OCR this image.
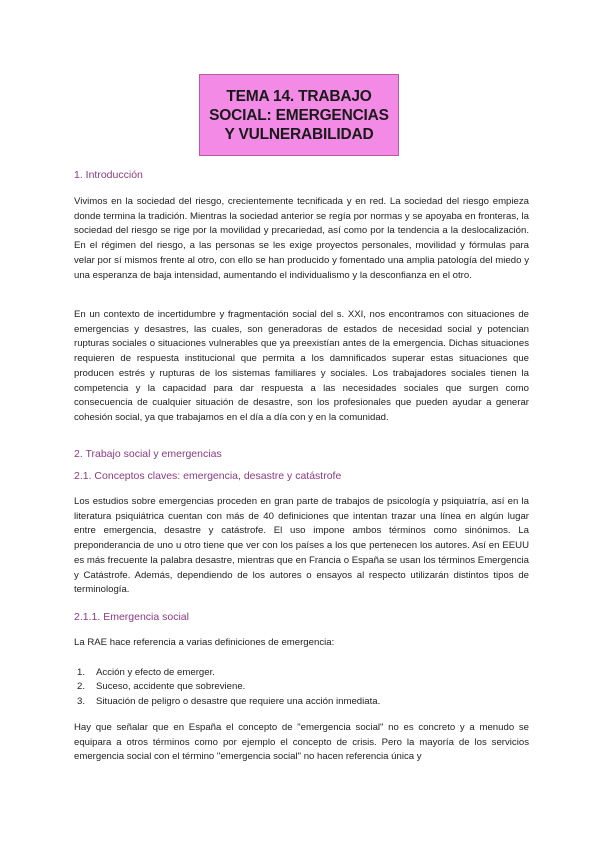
TEMA 14. TRABAJO SOCIAL: EMERGENCIAS Y VULNERABILIDAD
1. Introducción

Vivimos en la sociedad del riesgo, crecientemente tecnificada y en red. La sociedad del riesgo empieza donde termina la tradición. Mientras la sociedad anterior se regía por normas y se apoyaba en fronteras, la sociedad del riesgo se rige por la movilidad y precariedad, así como por la tendencia a la deslocalización. En el régimen del riesgo, a las personas se les exige proyectos personales, movilidad y fórmulas para velar por sí mismos frente al otro, con ello se han producido y fomentado una amplia patología del miedo y una esperanza de baja intensidad, aumentando el individualismo y la desconfianza en el otro.

En un contexto de incertidumbre y fragmentación social del s. XXI, nos encontramos con situaciones de emergencias y desastres, las cuales, son generadoras de estados de necesidad social y potencian rupturas sociales o situaciones vulnerables que ya preexistían antes de la emergencia. Dichas situaciones requieren de respuesta institucional que permita a los damnificados superar estas situaciones que producen estrés y rupturas de los sistemas familiares y sociales. Los trabajadores sociales tienen la competencia y la capacidad para dar respuesta a las necesidades sociales que surgen como consecuencia de cualquier situación de desastre, son los profesionales que pueden ayudar a generar cohesión social, ya que trabajamos en el día a día con y en la comunidad.

2. Trabajo social y emergencias
2.1. Conceptos claves: emergencia, desastre y catástrofe

Los estudios sobre emergencias proceden en gran parte de trabajos de psicología y psiquiatría, así en la literatura psiquiátrica cuentan con más de 40 definiciones que intentan trazar una línea en algún lugar entre emergencia, desastre y catástrofe. El uso impone ambos términos como sinónimos. La preponderancia de uno u otro tiene que ver con los países a los que pertenecen los autores. Así en EEUU es más frecuente la palabra desastre, mientras que en Francia o España se usan los términos Emergencia y Catástrofe. Además, dependiendo de los autores o ensayos al respecto utilizarán distintos tipos de terminología.

2.1.1. Emergencia social

La RAE hace referencia a varias definiciones de emergencia:

1.	Acción y efecto de emerger.
2.	Suceso, accidente que sobreviene.
3.	Situación de peligro o desastre que requiere una acción inmediata.

Hay que señalar que en España el concepto de "emergencia social" no es concreto y a menudo se equipara a otros términos como por ejemplo el concepto de crisis. Pero la mayoría de los servicios emergencia social con el término "emergencia social" no hacen referencia única y
